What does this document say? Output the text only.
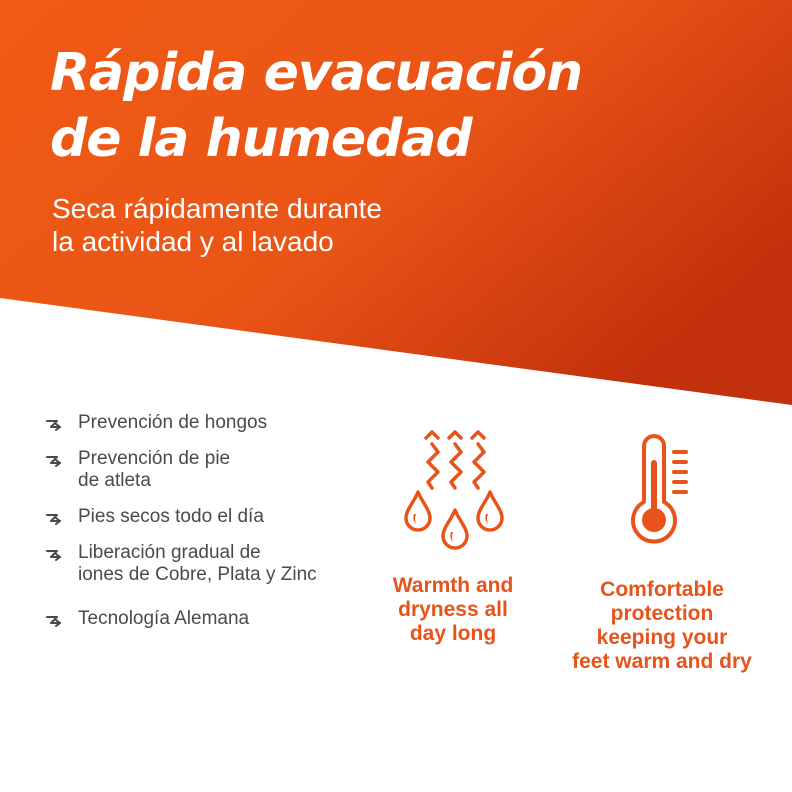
Rápida evacuación
de la humedad

Seca rápidamente durante
la actividad y al lavado

Prevención de hongos
Prevención de pie
de atleta
Pies secos todo el día
Liberación gradual de
iones de Cobre, Plata y Zinc
Tecnología Alemana
Warmth and
dryness all
day long
Comfortable
protection
keeping your
feet warm and dry
